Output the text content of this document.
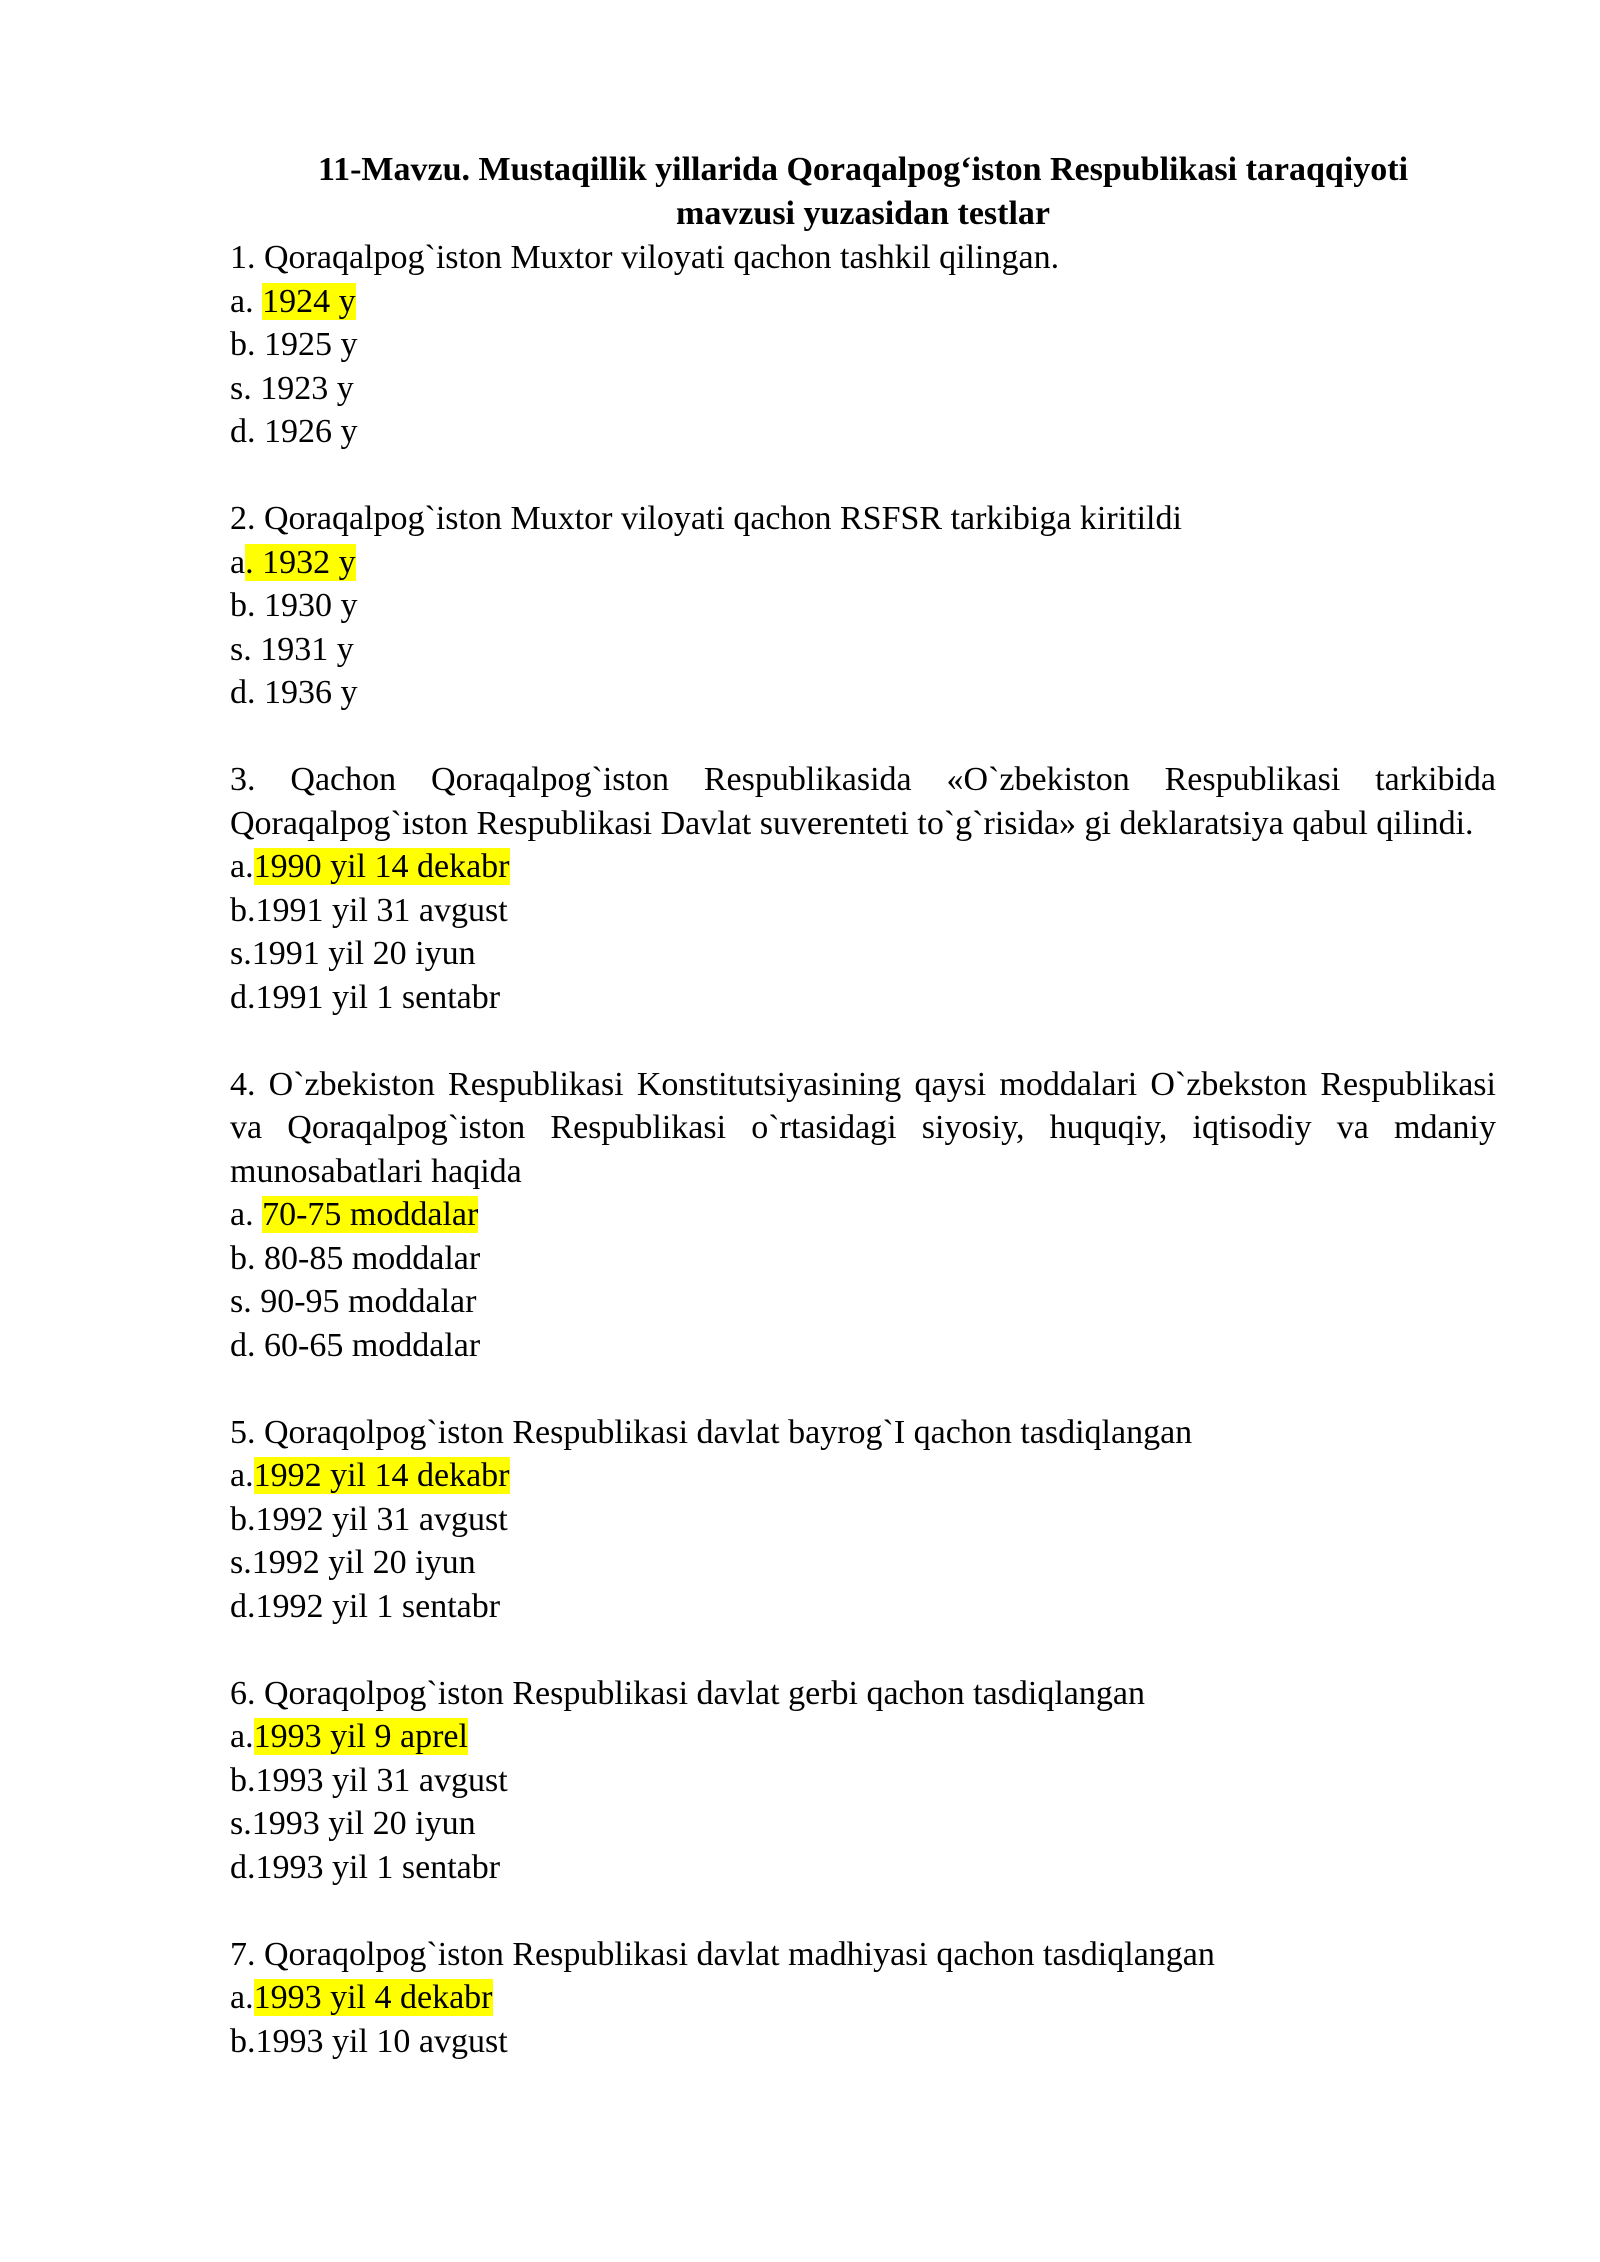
11-Mavzu. Mustaqillik yillarida Qoraqalpog‘iston Respublikasi taraqqiyoti
mavzusi yuzasidan testlar

1. Qoraqalpog`iston Muxtor viloyati qachon tashkil qilingan.

a. 1924 y

b. 1925 y

s. 1923 y

d. 1926 y

2. Qoraqalpog`iston Muxtor viloyati qachon RSFSR tarkibiga kiritildi

a. 1932 y

b. 1930 y

s. 1931 y

d. 1936 y

3. Qachon Qoraqalpog`iston Respublikasida «O`zbekiston Respublikasi tarkibida Qoraqalpog`iston Respublikasi Davlat suverenteti to`g`risida» gi deklaratsiya qabul qilindi.

a.1990 yil 14 dekabr

b.1991 yil 31 avgust

s.1991 yil 20 iyun

d.1991 yil 1 sentabr

4. O`zbekiston Respublikasi Konstitutsiyasining qaysi moddalari O`zbekston Respublikasi va Qoraqalpog`iston Respublikasi o`rtasidagi siyosiy, huquqiy, iqtisodiy va mdaniy munosabatlari haqida

a. 70-75 moddalar

b. 80-85 moddalar

s. 90-95 moddalar

d. 60-65 moddalar

5. Qoraqolpog`iston Respublikasi davlat bayrog`I qachon tasdiqlangan

a.1992 yil 14 dekabr

b.1992 yil 31 avgust

s.1992 yil 20 iyun

d.1992 yil 1 sentabr

6. Qoraqolpog`iston Respublikasi davlat gerbi qachon tasdiqlangan

a.1993 yil 9 aprel

b.1993 yil 31 avgust

s.1993 yil 20 iyun

d.1993 yil 1 sentabr

7. Qoraqolpog`iston Respublikasi davlat madhiyasi qachon tasdiqlangan

a.1993 yil 4 dekabr

b.1993 yil 10 avgust
